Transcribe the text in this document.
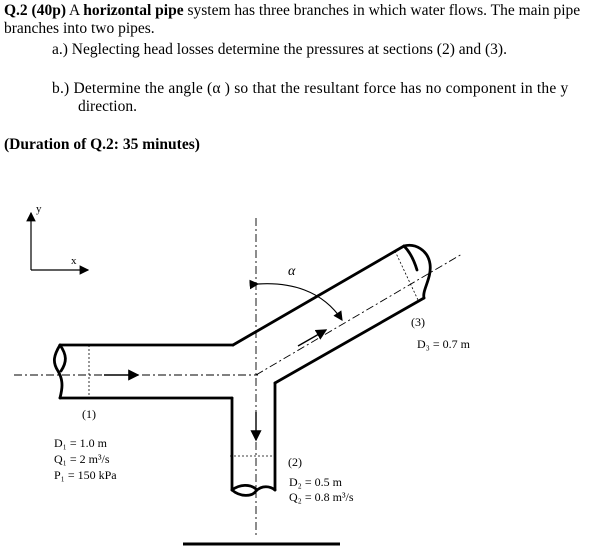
Q.2 (40p) A horizontal pipe system has three branches in which water flows. The main pipe
branches into two pipes.
a.) Neglecting head losses determine the pressures at sections (2) and (3).
b.) Determine the angle (α ) so that the resultant force has no component in the y
direction.
(Duration of Q.2: 35 minutes)
y
x
α
(1)
D₁ = 1.0 m
Q₁ = 2 m³/s
P₁ = 150 kPa
(2)
D₂ = 0.5 m
Q₂ = 0.8 m³/s
(3)
D₃ = 0.7 m
